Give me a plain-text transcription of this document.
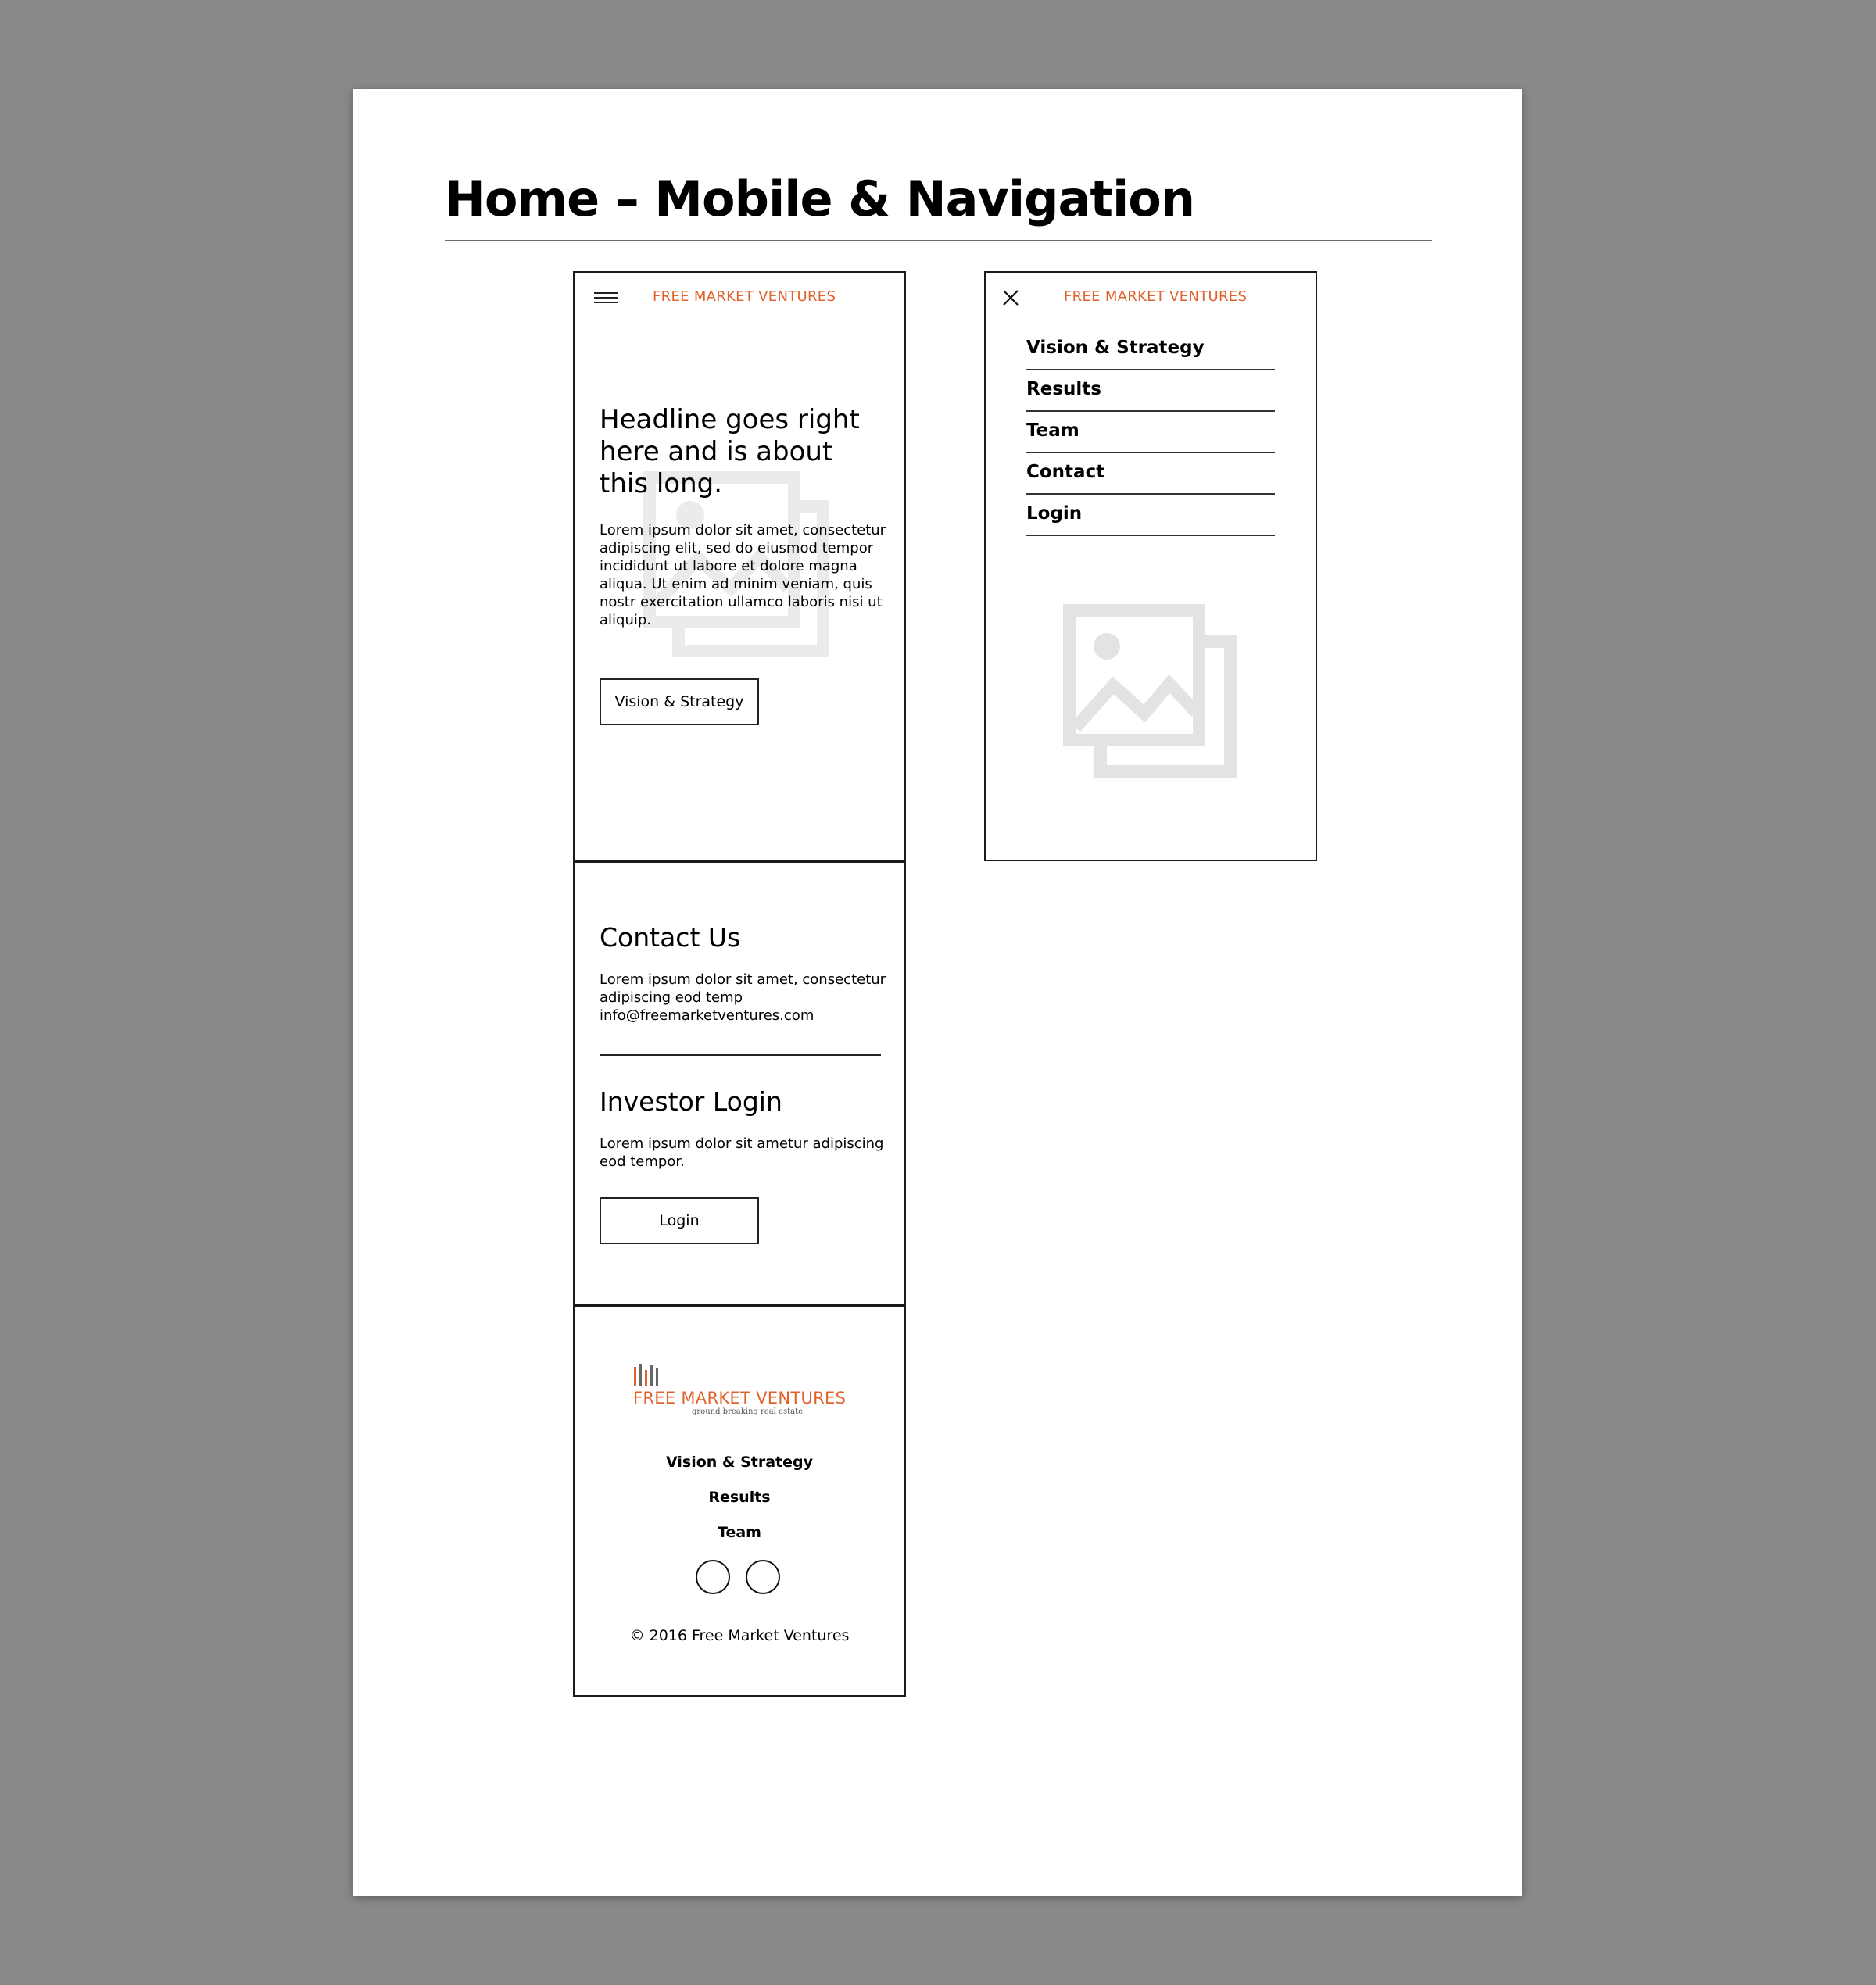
Home – Mobile & Navigation
FREE MARKET VENTURES
Headline goes right here and is about this long.

Lorem ipsum dolor sit amet, consectetur adipiscing elit, sed do eiusmod tempor incididunt ut labore et dolore magna aliqua. Ut enim ad minim veniam, quis nostr exercitation ullamco laboris nisi ut aliquip.

Vision & Strategy
Contact Us

Lorem ipsum dolor sit amet, consectetur adipiscing eod temp
info@freemarketventures.com

Investor Login

Lorem ipsum dolor sit ametur adipiscing eod tempor.

Login
FREE MARKET VENTURES
ground breaking real estate
Vision & Strategy
Results
Team
© 2016 Free Market Ventures
FREE MARKET VENTURES
Vision & Strategy
Results
Team
Contact
Login
